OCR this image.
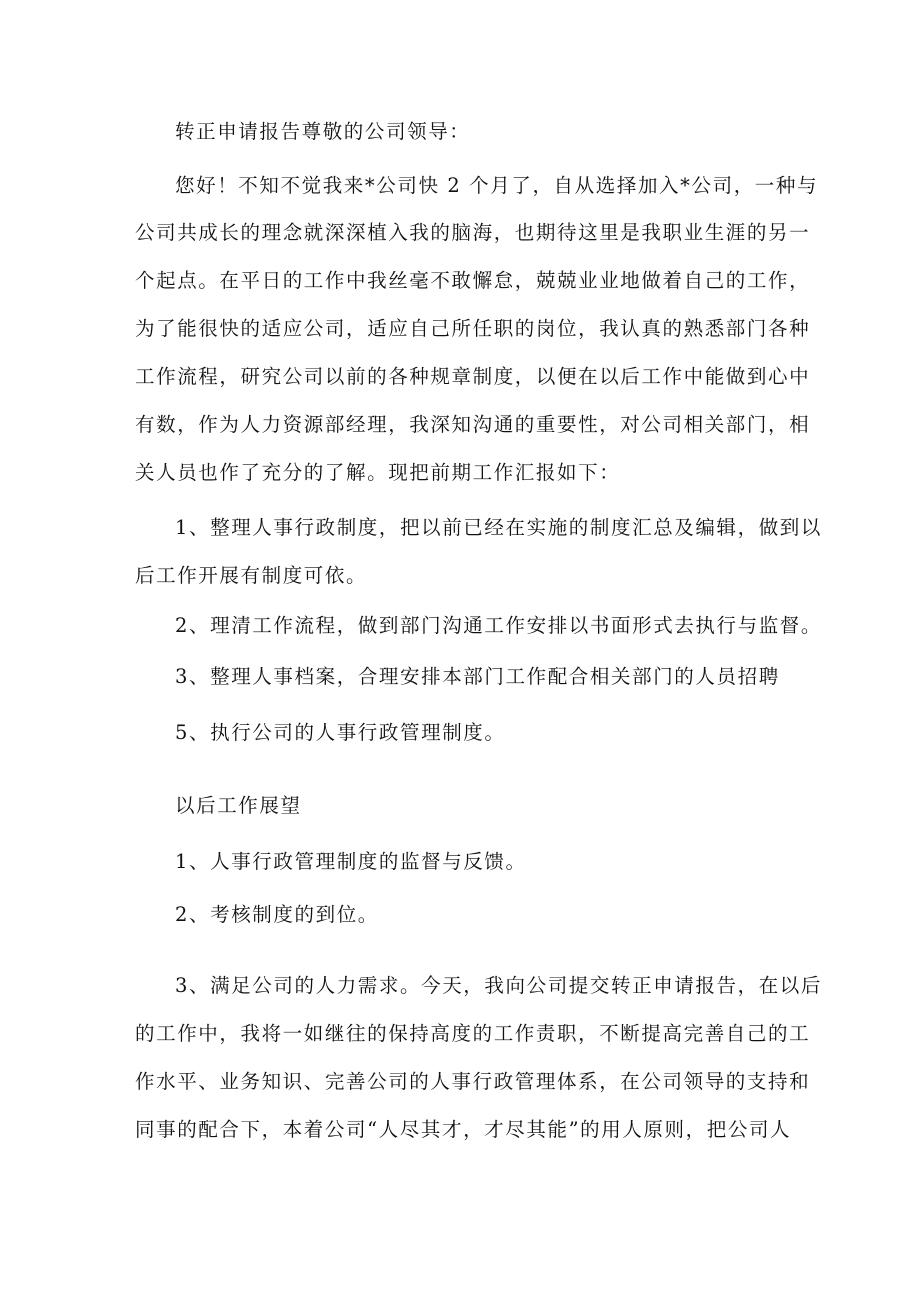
转正申请报告尊敬的公司领导：
您好！不知不觉我来*公司快 2 个月了，自从选择加入*公司，一种与
公司共成长的理念就深深植入我的脑海，也期待这里是我职业生涯的另一
个起点。在平日的工作中我丝毫不敢懈怠，兢兢业业地做着自己的工作，
为了能很快的适应公司，适应自己所任职的岗位，我认真的熟悉部门各种
工作流程，研究公司以前的各种规章制度，以便在以后工作中能做到心中
有数，作为人力资源部经理，我深知沟通的重要性，对公司相关部门，相
关人员也作了充分的了解。现把前期工作汇报如下：
1、整理人事行政制度，把以前已经在实施的制度汇总及编辑，做到以
后工作开展有制度可依。
2、理清工作流程，做到部门沟通工作安排以书面形式去执行与监督。
3、整理人事档案，合理安排本部门工作配合相关部门的人员招聘
5、执行公司的人事行政管理制度。
以后工作展望
1、人事行政管理制度的监督与反馈。
2、考核制度的到位。
3、满足公司的人力需求。今天，我向公司提交转正申请报告，在以后
的工作中，我将一如继往的保持高度的工作责职，不断提高完善自己的工
作水平、业务知识、完善公司的人事行政管理体系，在公司领导的支持和
同事的配合下，本着公司“人尽其才，才尽其能”的用人原则，把公司人
